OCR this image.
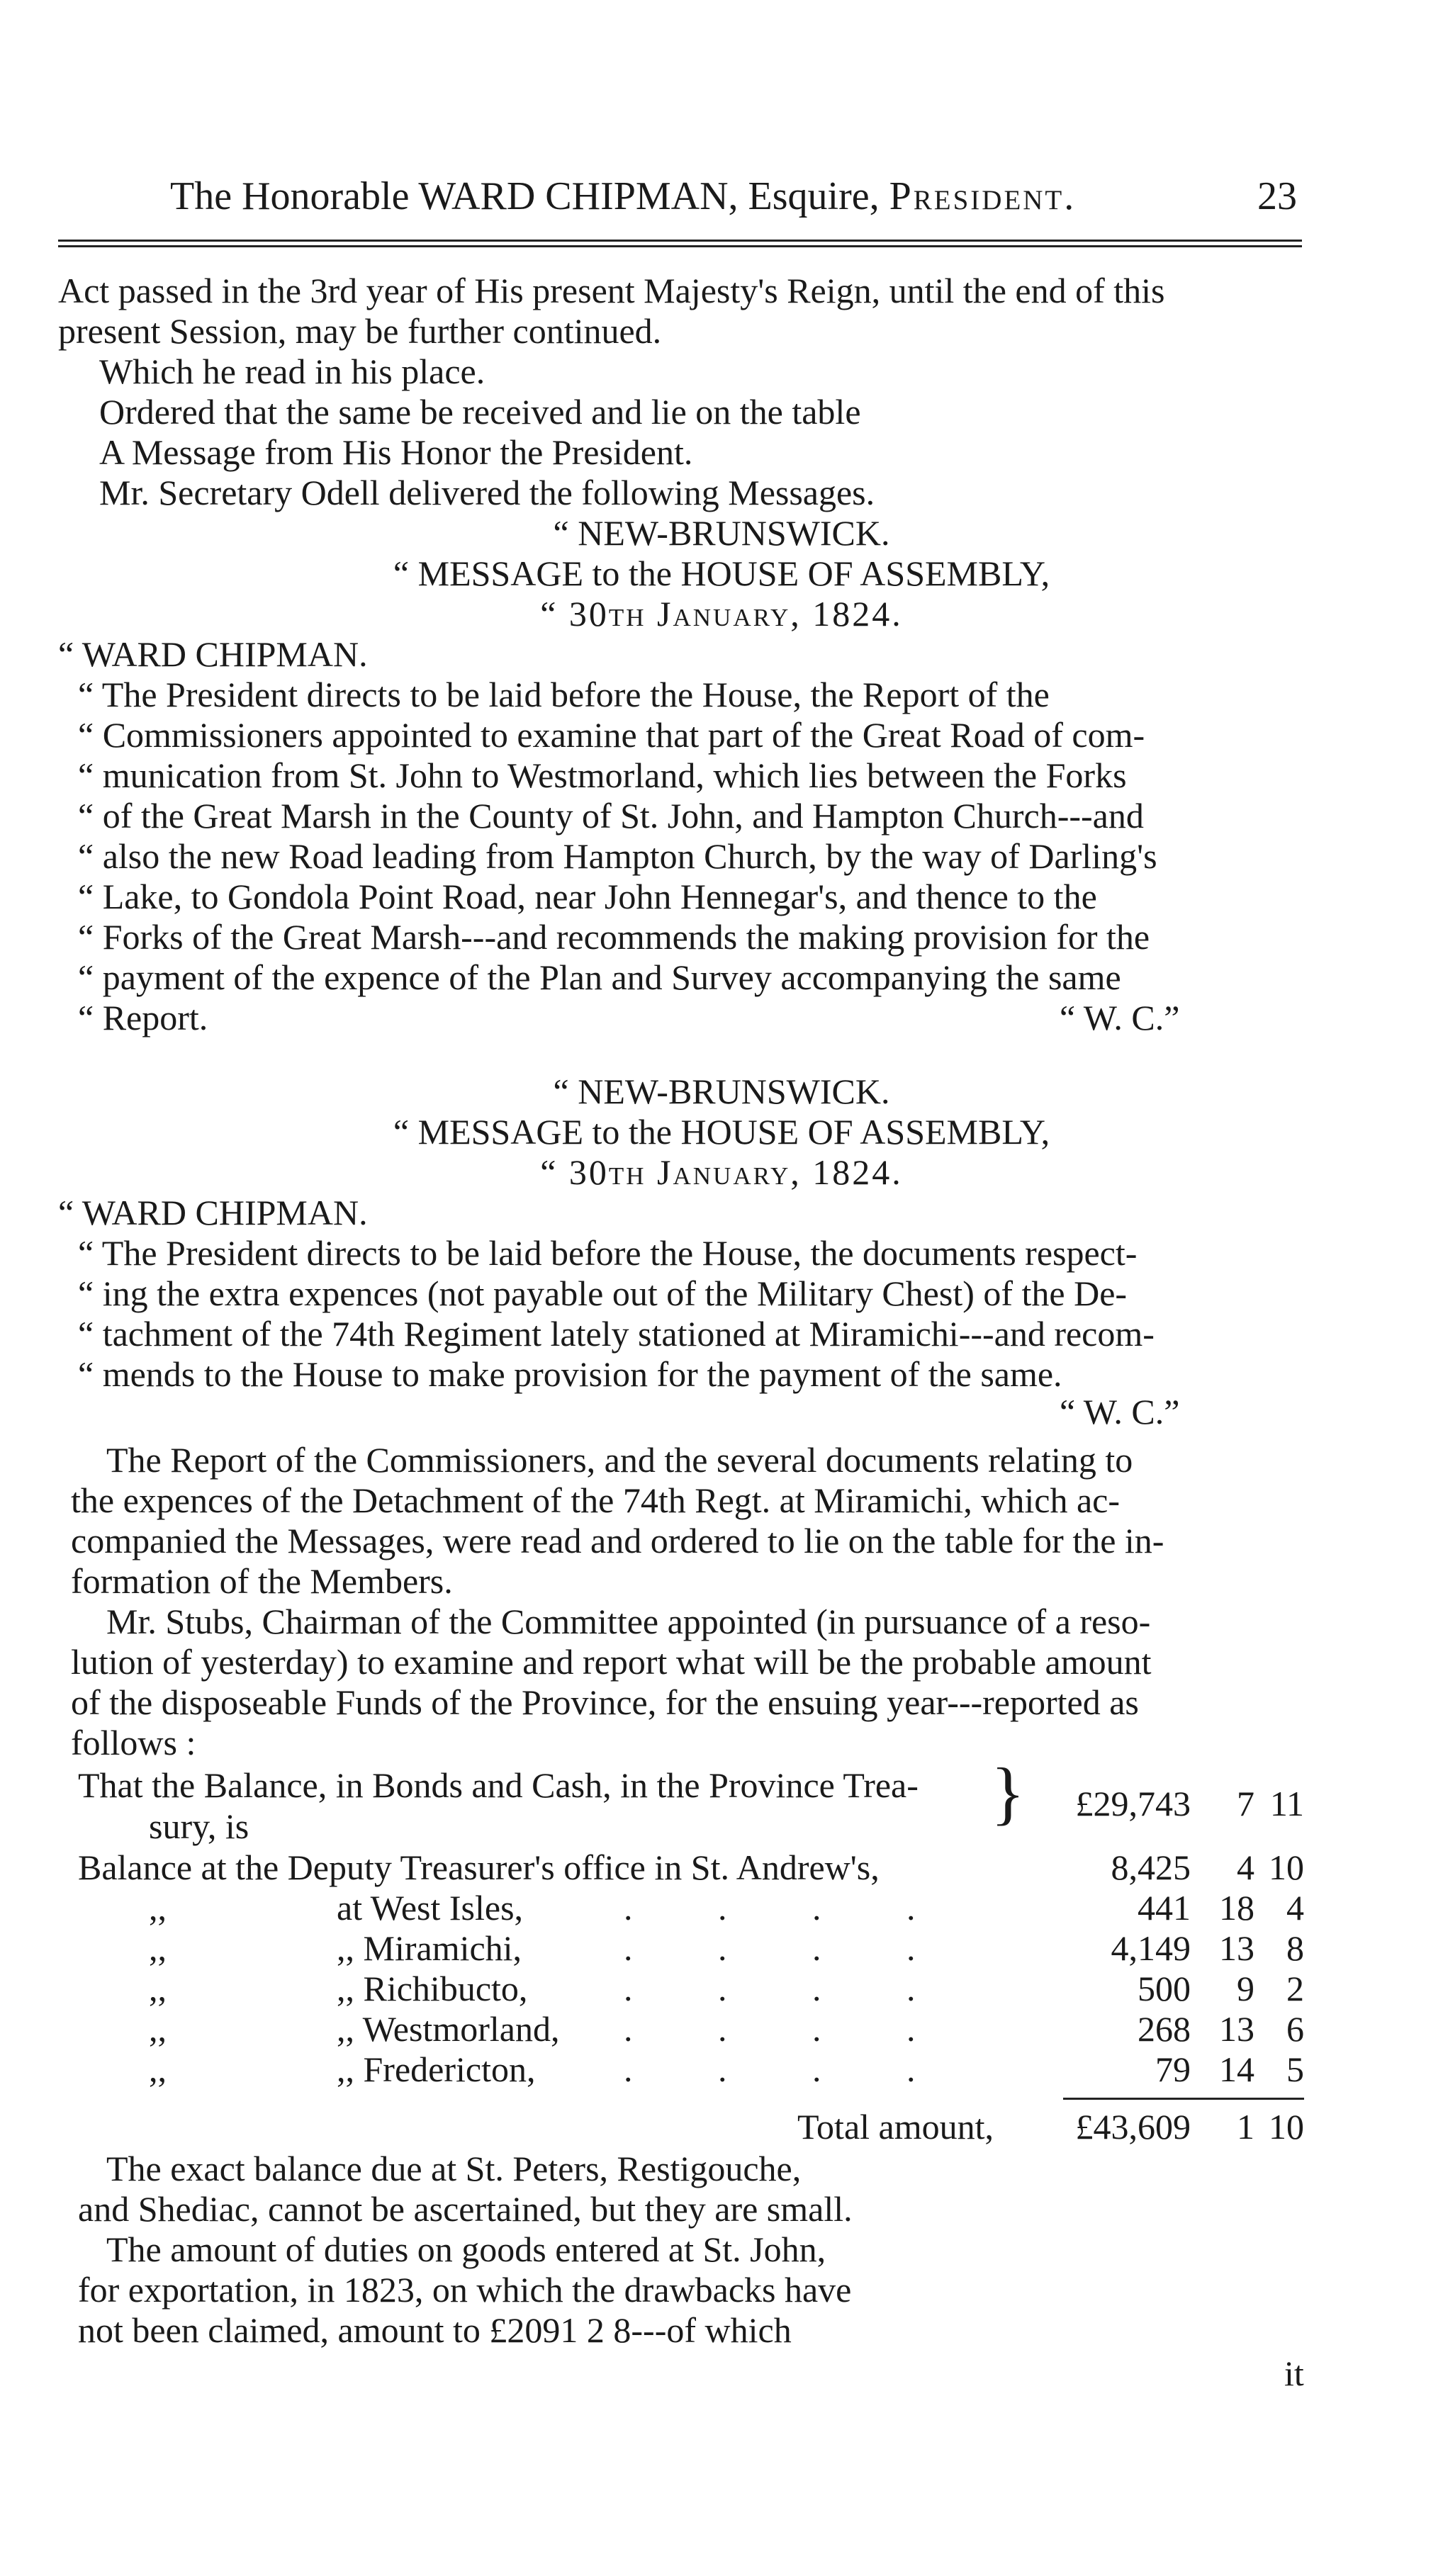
The Honorable WARD CHIPMAN, Esquire, President.	23
Act passed in the 3rd year of His present Majesty's Reign, until the end of this
present Session, may be further continued.
Which he read in his place.
Ordered that the same be received and lie on the table
A Message from His Honor the President.
Mr. Secretary Odell delivered the following Messages.
“ NEW-BRUNSWICK.
“ MESSAGE to the HOUSE OF ASSEMBLY,
“ 30th January, 1824.
“ WARD CHIPMAN.
“ The President directs to be laid before the House, the Report of the
“ Commissioners appointed to examine that part of the Great Road of com-
“ munication from St. John to Westmorland, which lies between the Forks
“ of the Great Marsh in the County of St. John, and Hampton Church---and
“ also the new Road leading from Hampton Church, by the way of Darling's
“ Lake, to Gondola Point Road, near John Hennegar's, and thence to the
“ Forks of the Great Marsh---and recommends the making provision for the
“ payment of the expence of the Plan and Survey accompanying the same
“ Report.	“ W. C.”
“ NEW-BRUNSWICK.
“ MESSAGE to the HOUSE OF ASSEMBLY,
“ 30th January, 1824.
“ WARD CHIPMAN.
“ The President directs to be laid before the House, the documents respect-
“ ing the extra expences (not payable out of the Military Chest) of the De-
“ tachment of the 74th Regiment lately stationed at Miramichi---and recom-
“ mends to the House to make provision for the payment of the same.
“ W. C.”
The Report of the Commissioners, and the several documents relating to
the expences of the Detachment of the 74th Regt. at Miramichi, which ac-
companied the Messages, were read and ordered to lie on the table for the in-
formation of the Members.
Mr. Stubs, Chairman of the Committee appointed (in pursuance of a reso-
lution of yesterday) to examine and report what will be the probable amount
of the disposeable Funds of the Province, for the ensuing year---reported as
follows :
That the Balance, in Bonds and Cash, in the Province Trea- }
sury, is
£29,743	7 11
Balance at the Deputy Treasurer's office in St. Andrew's,	8,425	4 10
,,	at West Isles,	. . . .	441 18 4
,,	,, Miramichi,	. . . .	4,149 13 8
,,	,, Richibucto,	. . . .	500	9 2
,,	,, Westmorland, . . . .	268 13 6
,,	,, Fredericton, . . . .	79 14 5
Total amount,	£43,609	1 10
The exact balance due at St. Peters, Restigouche,
and Shediac, cannot be ascertained, but they are small.
The amount of duties on goods entered at St. John,
for exportation, in 1823, on which the drawbacks have
not been claimed, amount to £2091 2 8---of which
it
